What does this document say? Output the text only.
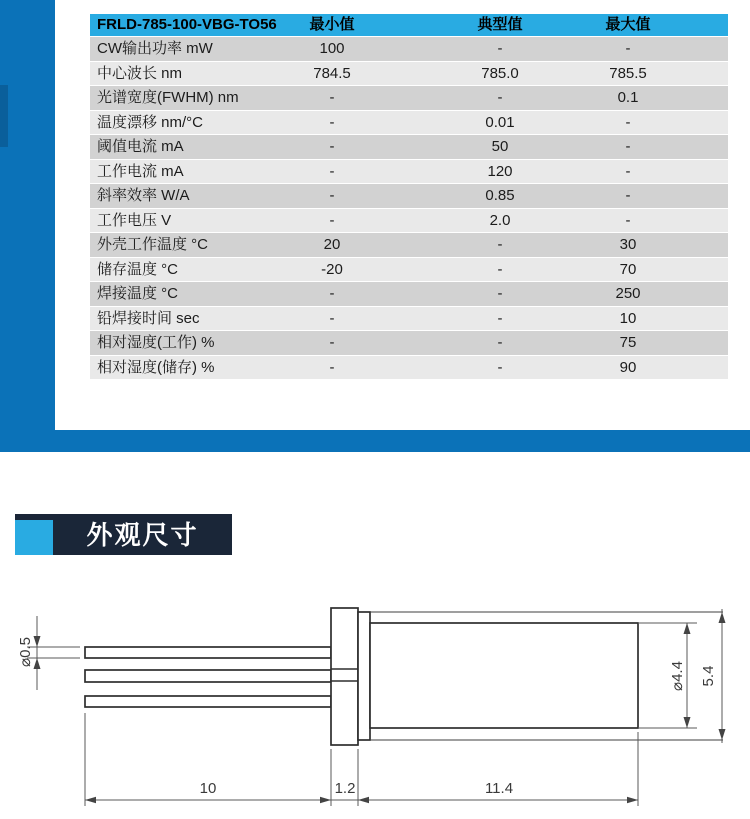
FRLD-785-100-VBG-TO56 最小值	典型值	最大值
CW输出功率 mW	100	-	-
中心波长 nm	784.5	785.0	785.5
光谱宽度(FWHM) nm	-	-	0.1
温度漂移 nm/°C	-	0.01	-
阈值电流 mA	-	50	-
工作电流 mA	-	120	-
斜率效率 W/A	-	0.85	-
工作电压 V	-	2.0	-
外壳工作温度 °C	20	-	30
储存温度 °C	-20	-	70
焊接温度 °C	-	-	250
铅焊接时间 sec	-	-	10
相对湿度(工作) %	-	-	75
相对湿度(储存) %	-	-	90
外观尺寸
⌀0.5
⌀4.4 5.4
10	1.2	11.4
